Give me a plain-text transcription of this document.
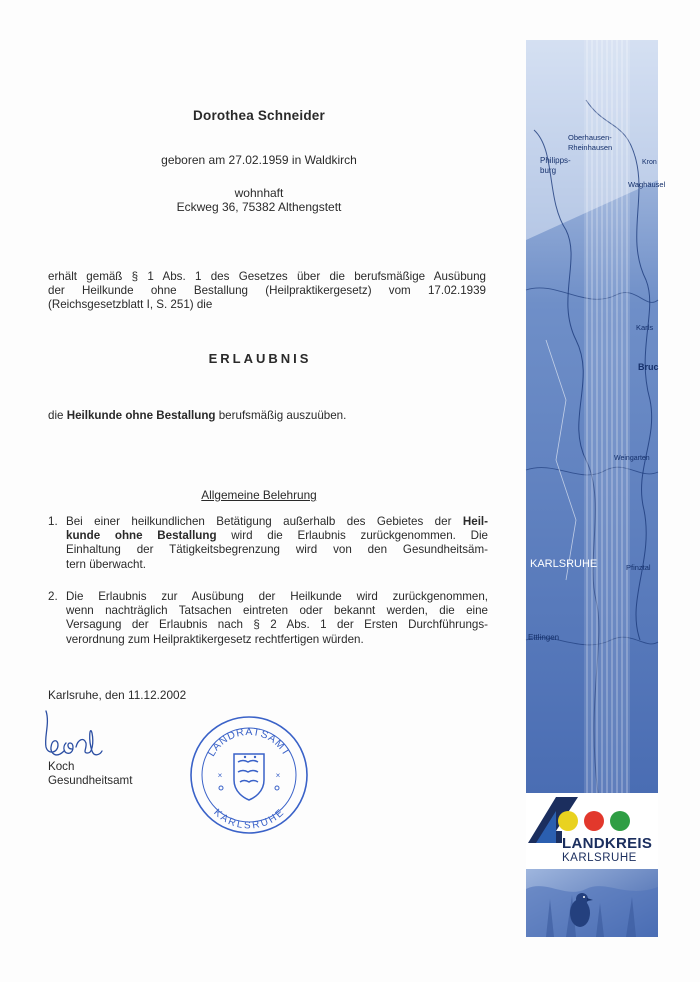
Dorothea Schneider
geboren am 27.02.1959 in Waldkirch
wohnhaft
Eckweg 36, 75382 Althengstett
erhält gemäß § 1 Abs. 1 des Gesetzes über die berufsmäßige Ausübung
der Heilkunde ohne Bestallung (Heilpraktikergesetz) vom 17.02.1939
(Reichsgesetzblatt I, S. 251) die
ERLAUBNIS
die Heilkunde ohne Bestallung berufsmäßig auszuüben.
Allgemeine Belehrung
1. Bei einer heilkundlichen Betätigung außerhalb des Gebietes der Heil-
kunde ohne Bestallung wird die Erlaubnis zurückgenommen. Die
Einhaltung der Tätigkeitsbegrenzung wird von den Gesundheitsäm-
tern überwacht.
2. Die Erlaubnis zur Ausübung der Heilkunde wird zurückgenommen,
wenn nachträglich Tatsachen eintreten oder bekannt werden, die eine
Versagung der Erlaubnis nach § 2 Abs. 1 der Ersten Durchführungs-
verordnung zum Heilpraktikergesetz rechtfertigen würden.
Karlsruhe, den 11.12.2002
Koch
Gesundheitsamt
LANDRATSAMT
KARLSRUHE
×	×
Oberhausen-
Rheinhausen
Philipps-
burg
Waghäusel
Kron
Karls
Bruc
Weingarten
KARLSRUHE	Pfinztal
Ettlingen
LANDKREIS
KARLSRUHE
